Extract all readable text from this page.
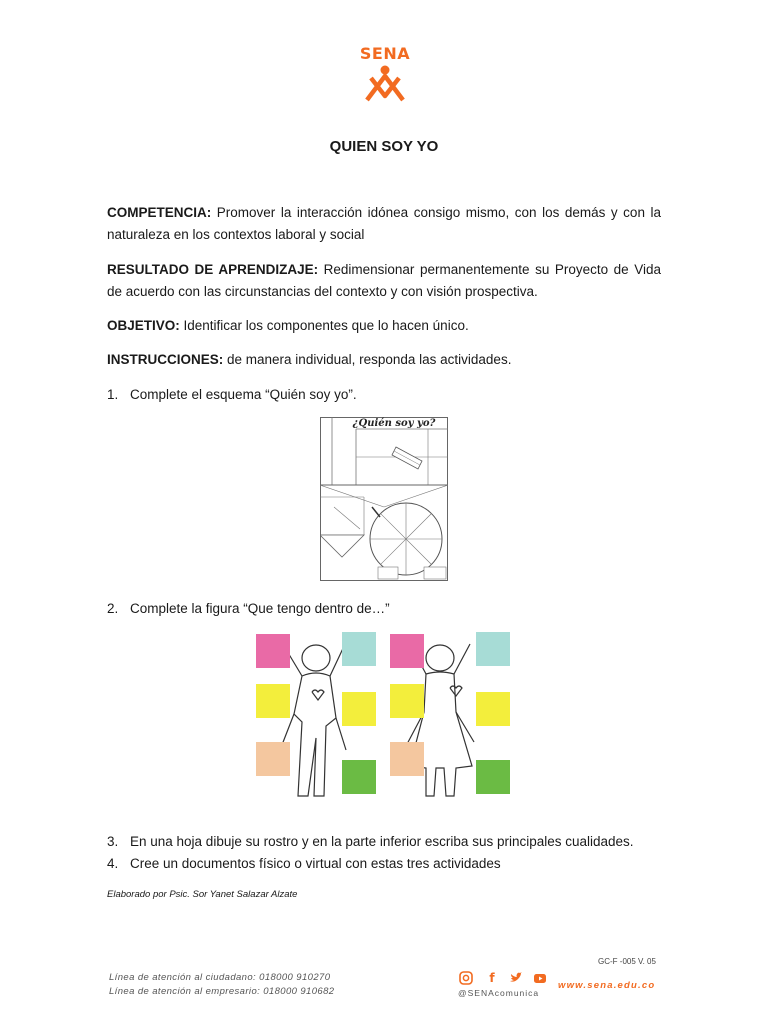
SENA
QUIEN SOY YO
COMPETENCIA: Promover la interacción idónea consigo mismo, con los demás y con la naturaleza en los contextos laboral y social
RESULTADO DE APRENDIZAJE: Redimensionar permanentemente su Proyecto de Vida de acuerdo con las circunstancias del contexto y con visión prospectiva.
OBJETIVO: Identificar los componentes que lo hacen único.
INSTRUCCIONES: de manera individual, responda las actividades.
1. Complete el esquema “Quién soy yo”.
¿Quién soy yo?
2. Complete la figura “Que tengo dentro de…”
3. En una hoja dibuje su rostro y en la parte inferior escriba sus principales cualidades.
4. Cree un documentos físico o virtual con estas tres actividades
Elaborado por Psic. Sor Yanet Salazar Alzate
GC-F -005 V. 05
Línea de atención al ciudadano: 018000 910270
Línea de atención al empresario: 018000 910682
f
@SENAcomunica
www.sena.edu.co
